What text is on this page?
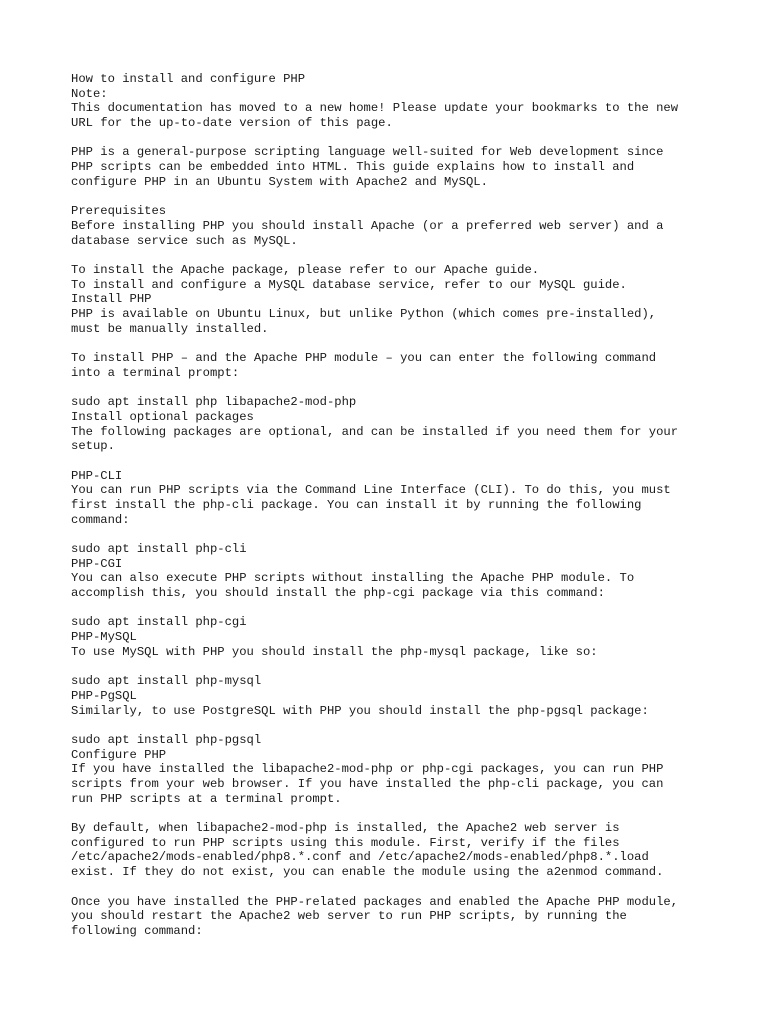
How to install and configure PHP
Note:
This documentation has moved to a new home! Please update your bookmarks to the new
URL for the up-to-date version of this page.
PHP is a general-purpose scripting language well-suited for Web development since
PHP scripts can be embedded into HTML. This guide explains how to install and
configure PHP in an Ubuntu System with Apache2 and MySQL.
Prerequisites
Before installing PHP you should install Apache (or a preferred web server) and a
database service such as MySQL.
To install the Apache package, please refer to our Apache guide.
To install and configure a MySQL database service, refer to our MySQL guide.
Install PHP
PHP is available on Ubuntu Linux, but unlike Python (which comes pre-installed),
must be manually installed.
To install PHP – and the Apache PHP module – you can enter the following command
into a terminal prompt:
sudo apt install php libapache2-mod-php
Install optional packages
The following packages are optional, and can be installed if you need them for your
setup.
PHP-CLI
You can run PHP scripts via the Command Line Interface (CLI). To do this, you must
first install the php-cli package. You can install it by running the following
command:
sudo apt install php-cli
PHP-CGI
You can also execute PHP scripts without installing the Apache PHP module. To
accomplish this, you should install the php-cgi package via this command:
sudo apt install php-cgi
PHP-MySQL
To use MySQL with PHP you should install the php-mysql package, like so:
sudo apt install php-mysql
PHP-PgSQL
Similarly, to use PostgreSQL with PHP you should install the php-pgsql package:
sudo apt install php-pgsql
Configure PHP
If you have installed the libapache2-mod-php or php-cgi packages, you can run PHP
scripts from your web browser. If you have installed the php-cli package, you can
run PHP scripts at a terminal prompt.
By default, when libapache2-mod-php is installed, the Apache2 web server is
configured to run PHP scripts using this module. First, verify if the files
/etc/apache2/mods-enabled/php8.*.conf and /etc/apache2/mods-enabled/php8.*.load
exist. If they do not exist, you can enable the module using the a2enmod command.
Once you have installed the PHP-related packages and enabled the Apache PHP module,
you should restart the Apache2 web server to run PHP scripts, by running the
following command:
